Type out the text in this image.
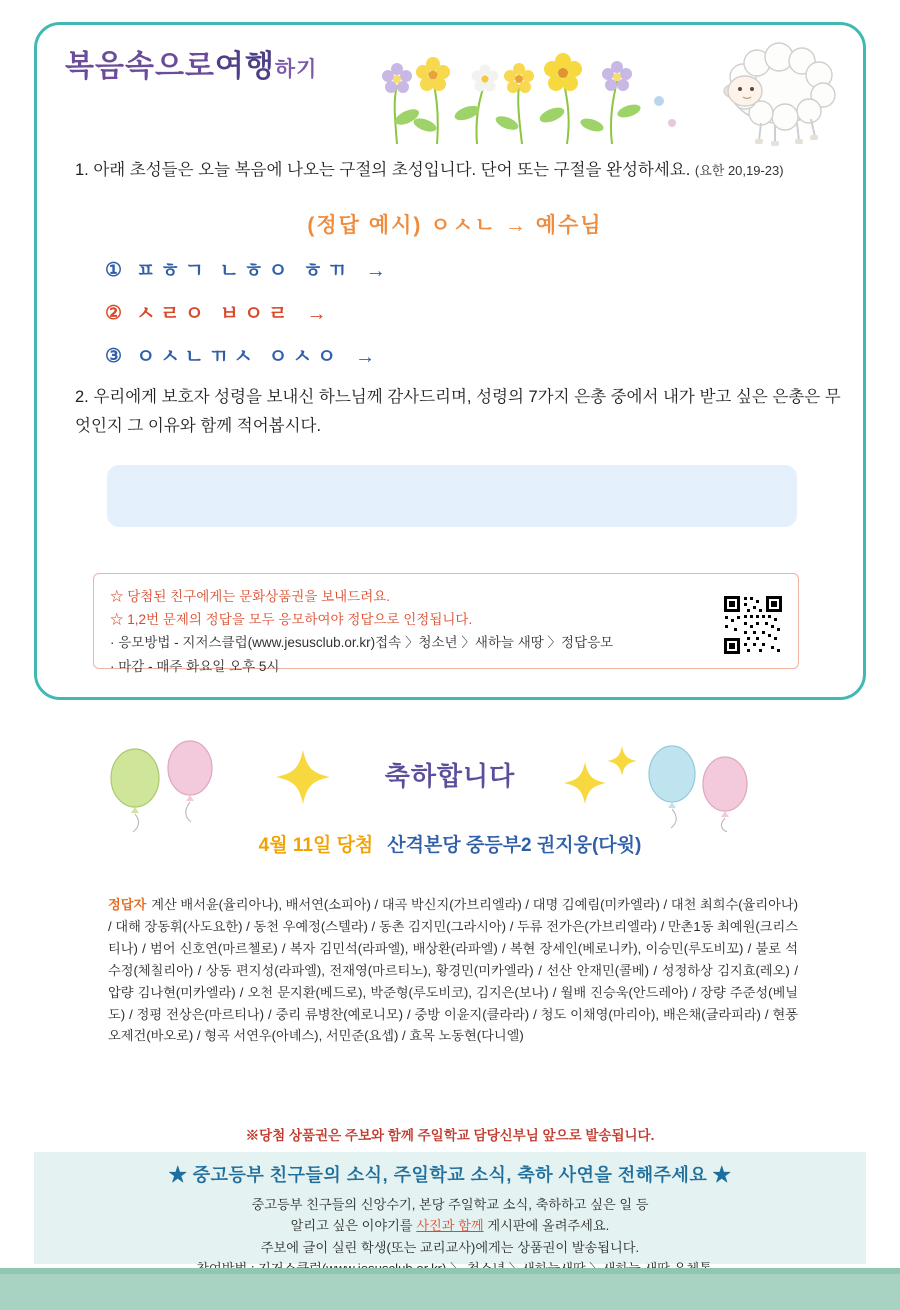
복음속으로여행하기
1. 아래 초성들은 오늘 복음에 나오는 구절의 초성입니다. 단어 또는 구절을 완성하세요. (요한 20,19-23)
(정답 예시) ㅇㅅㄴ → 예수님
① ㅍㅎㄱ ㄴㅎㅇ ㅎㄲ →
② ㅅㄹㅇ ㅂㅇㄹ →
③ ㅇㅅㄴㄲㅅ ㅇㅅㅇ →
2. 우리에게 보호자 성령을 보내신 하느님께 감사드리며, 성령의 7가지 은총 중에서 내가 받고 싶은 은총은 무엇인지 그 이유와 함께 적어봅시다.
☆ 당첨된 친구에게는 문화상품권을 보내드려요.
☆ 1,2번 문제의 정답을 모두 응모하여야 정답으로 인정됩니다.
· 응모방법 - 지저스클럽(www.jesusclub.or.kr)접속 〉청소년 〉새하늘 새땅 〉정답응모
· 마감 - 매주 화요일 오후 5시
축하합니다
4월 11일 당첨 산격본당 중등부2 권지웅(다윗)
정답자 계산 배서윤(율리아나), 배서연(소피아) / 대곡 박신지(가브리엘라) / 대명 김예림(미카엘라) / 대천 최희수(율리아나) / 대해 장동휘(사도요한) / 동천 우예정(스텔라) / 동촌 김지민(그라시아) / 두류 전가은(가브리엘라) / 만촌1동 최예원(크리스티나) / 범어 신호연(마르첼로) / 복자 김민석(라파엘), 배상환(라파엘) / 복현 장세인(베로니카), 이승민(루도비꼬) / 불로 석수정(체칠리아) / 상동 편지성(라파엘), 전재영(마르티노), 황경민(미카엘라) / 선산 안재민(콜베) / 성정하상 김지효(레오) / 압량 김나현(미카엘라) / 오천 문지환(베드로), 박준형(루도비코), 김지은(보나) / 월배 진승욱(안드레아) / 장량 주준성(베닐도) / 정평 전상은(마르티나) / 중리 류병찬(예로니모) / 중방 이윤지(클라라) / 청도 이채영(마리아), 배은채(글라피라) / 현풍 오제건(바오로) / 형곡 서연우(아녜스), 서민준(요셉) / 효목 노동현(다니엘)
※당첨 상품권은 주보와 함께 주일학교 담당신부님 앞으로 발송됩니다.
★ 중고등부 친구들의 소식, 주일학교 소식, 축하 사연을 전해주세요 ★
중고등부 친구들의 신앙수기, 본당 주일학교 소식, 축하하고 싶은 일 등
알리고 싶은 이야기를 사진과 함께 게시판에 올려주세요.
주보에 글이 실린 학생(또는 교리교사)에게는 상품권이 발송됩니다.
